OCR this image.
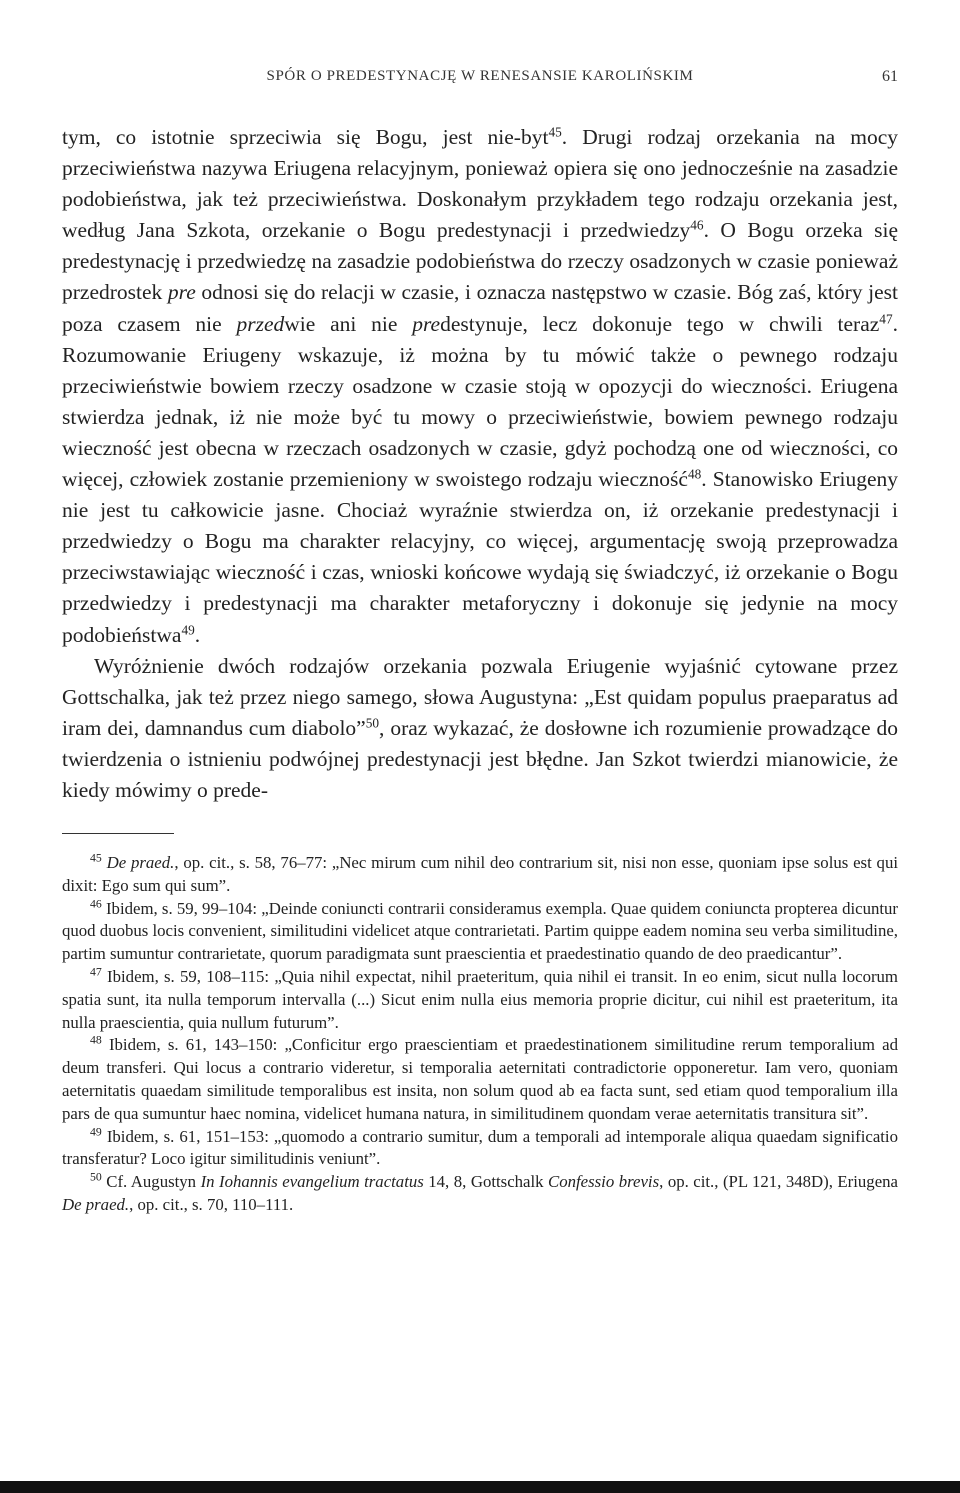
SPÓR O PREDESTYNACJĘ W RENESANSIE KAROLIŃSKIM	61

tym, co istotnie sprzeciwia się Bogu, jest nie-byt$^{45}$. Drugi rodzaj orzekania na mocy przeciwieństwa nazywa Eriugena relacyjnym, ponieważ opiera się ono jednocześnie na zasadzie podobieństwa, jak też przeciwieństwa. Doskonałym przykładem tego rodzaju orzekania jest, według Jana Szkota, orzekanie o Bogu predestynacji i przedwiedzy$^{46}$. O Bogu orzeka się predestynację i przedwiedzę na zasadzie podobieństwa do rzeczy osadzonych w czasie ponieważ przedrostek pre odnosi się do relacji w czasie, i oznacza następstwo w czasie. Bóg zaś, który jest poza czasem nie przedwie ani nie predestynuje, lecz dokonuje tego w chwili teraz$^{47}$. Rozumowanie Eriugeny wskazuje, iż można by tu mówić także o pewnego rodzaju przeciwieństwie bowiem rzeczy osadzone w czasie stoją w opozycji do wieczności. Eriugena stwierdza jednak, iż nie może być tu mowy o przeciwieństwie, bowiem pewnego rodzaju wieczność jest obecna w rzeczach osadzonych w czasie, gdyż pochodzą one od wieczności, co więcej, człowiek zostanie przemieniony w swoistego rodzaju wieczność$^{48}$. Stanowisko Eriugeny nie jest tu całkowicie jasne. Chociaż wyraźnie stwierdza on, iż orzekanie predestynacji i przedwiedzy o Bogu ma charakter relacyjny, co więcej, argumentację swoją przeprowadza przeciwstawiając wieczność i czas, wnioski końcowe wydają się świadczyć, iż orzekanie o Bogu przedwiedzy i predestynacji ma charakter metaforyczny i dokonuje się jedynie na mocy podobieństwa$^{49}$.

Wyróżnienie dwóch rodzajów orzekania pozwala Eriugenie wyjaśnić cytowane przez Gottschalka, jak też przez niego samego, słowa Augustyna: „Est quidam populus praeparatus ad iram dei, damnandus cum diabolo”$^{50}$, oraz wykazać, że dosłowne ich rozumienie prowadzące do twierdzenia o istnieniu podwójnej predestynacji jest błędne. Jan Szkot twierdzi mianowicie, że kiedy mówimy o prede-

$^{45}$ De praed., op. cit., s. 58, 76–77: „Nec mirum cum nihil deo contrarium sit, nisi non esse, quoniam ipse solus est qui dixit: Ego sum qui sum”.

$^{46}$ Ibidem, s. 59, 99–104: „Deinde coniuncti contrarii consideramus exempla. Quae quidem coniuncta propterea dicuntur quod duobus locis convenient, similitudini videlicet atque contrarietati. Partim quippe eadem nomina seu verba similitudine, partim sumuntur contrarietate, quorum paradigmata sunt praescientia et praedestinatio quando de deo praedicantur”.

$^{47}$ Ibidem, s. 59, 108–115: „Quia nihil expectat, nihil praeteritum, quia nihil ei transit. In eo enim, sicut nulla locorum spatia sunt, ita nulla temporum intervalla (...) Sicut enim nulla eius memoria proprie dicitur, cui nihil est praeteritum, ita nulla praescientia, quia nullum futurum”.

$^{48}$ Ibidem, s. 61, 143–150: „Conficitur ergo praescientiam et praedestinationem similitudine rerum temporalium ad deum transferi. Qui locus a contrario videretur, si temporalia aeternitati contradictorie opponeretur. Iam vero, quoniam aeternitatis quaedam similitude temporalibus est insita, non solum quod ab ea facta sunt, sed etiam quod temporalium illa pars de qua sumuntur haec nomina, videlicet humana natura, in similitudinem quondam verae aeternitatis transitura sit”.

$^{49}$ Ibidem, s. 61, 151–153: „quomodo a contrario sumitur, dum a temporali ad intemporale aliqua quaedam significatio transferatur? Loco igitur similitudinis veniunt”.

$^{50}$ Cf. Augustyn In Iohannis evangelium tractatus 14, 8, Gottschalk Confessio brevis, op. cit., (PL 121, 348D), Eriugena De praed., op. cit., s. 70, 110–111.
